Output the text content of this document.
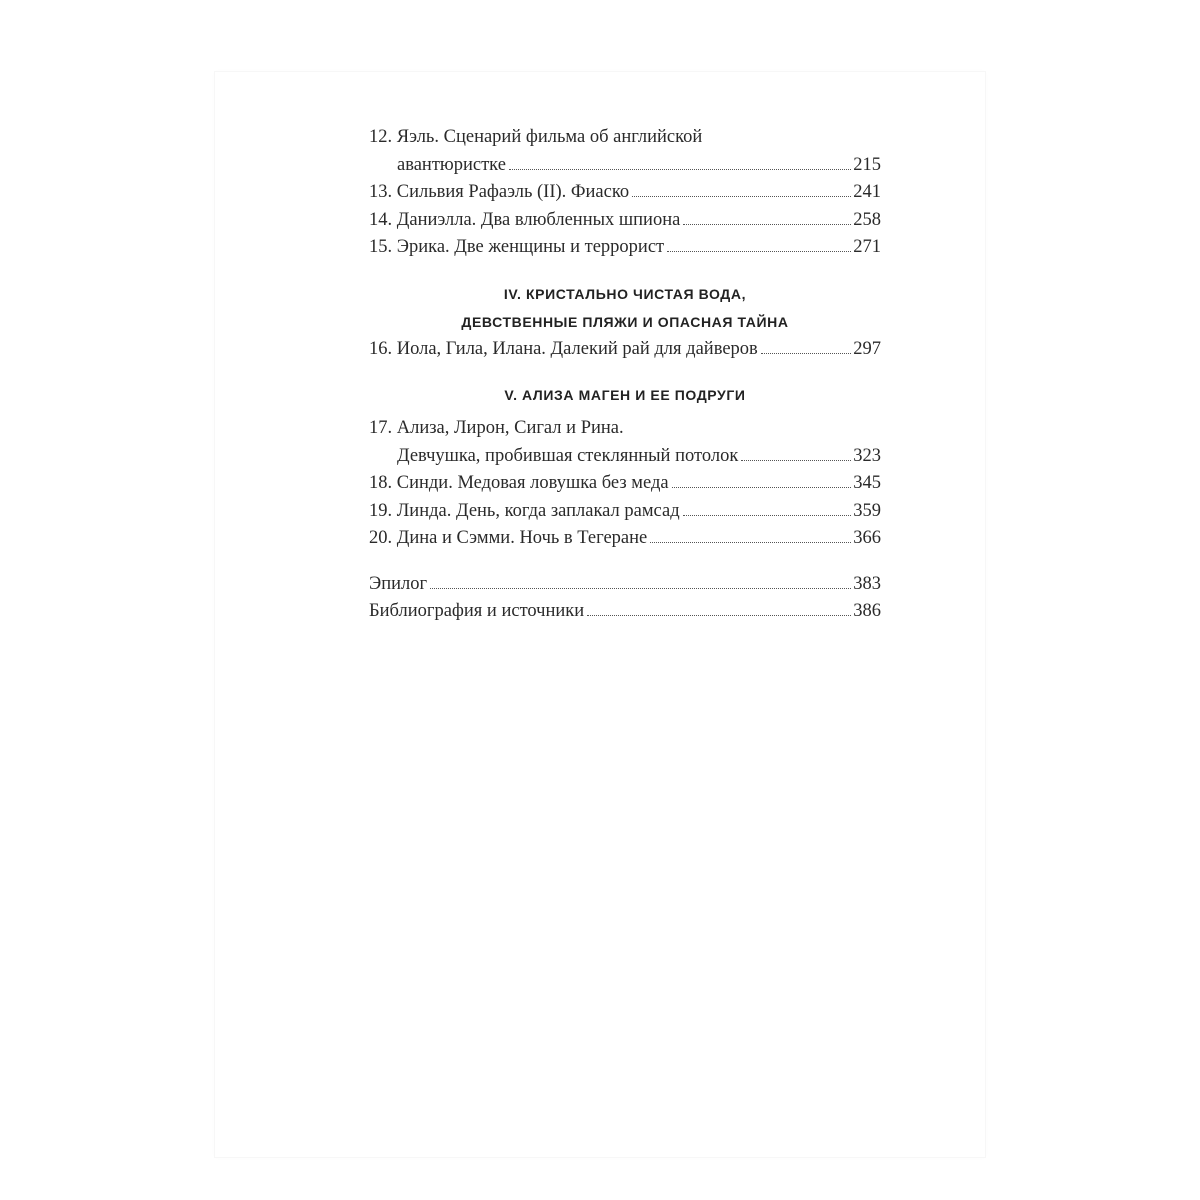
12. Яэль. Сценарий фильма об английской
авантюристке	215
13. Сильвия Рафаэль (II). Фиаско	241
14. Даниэлла. Два влюбленных шпиона	258
15. Эрика. Две женщины и террорист	271
IV. КРИСТАЛЬНО ЧИСТАЯ ВОДА,
ДЕВСТВЕННЫЕ ПЛЯЖИ И ОПАСНАЯ ТАЙНА
16. Иола, Гила, Илана. Далекий рай для дайверов	297
V. АЛИЗА МАГЕН И ЕЕ ПОДРУГИ
17. Ализа, Лирон, Сигал и Рина.
Девчушка, пробившая стеклянный потолок	323
18. Синди. Медовая ловушка без меда	345
19. Линда. День, когда заплакал рамсад	359
20. Дина и Сэмми. Ночь в Тегеране	366
Эпилог	383
Библиография и источники	386
